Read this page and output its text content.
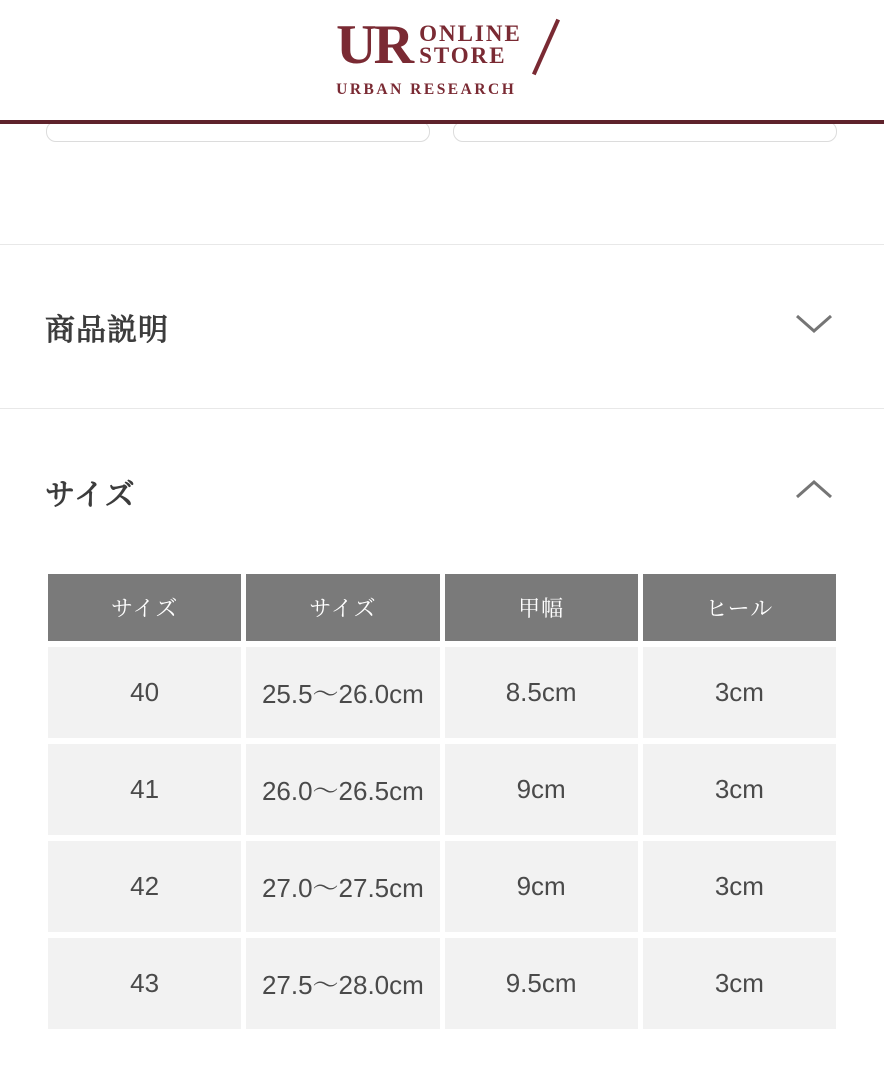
UR ONLINE
STORE
URBAN RESEARCH
商品説明
サイズ
サイズ	サイズ	甲幅	ヒール
40	25.5〜26.0cm	8.5cm	3cm
41	26.0〜26.5cm	9cm	3cm
42	27.0〜27.5cm	9cm	3cm
43	27.5〜28.0cm	9.5cm	3cm
